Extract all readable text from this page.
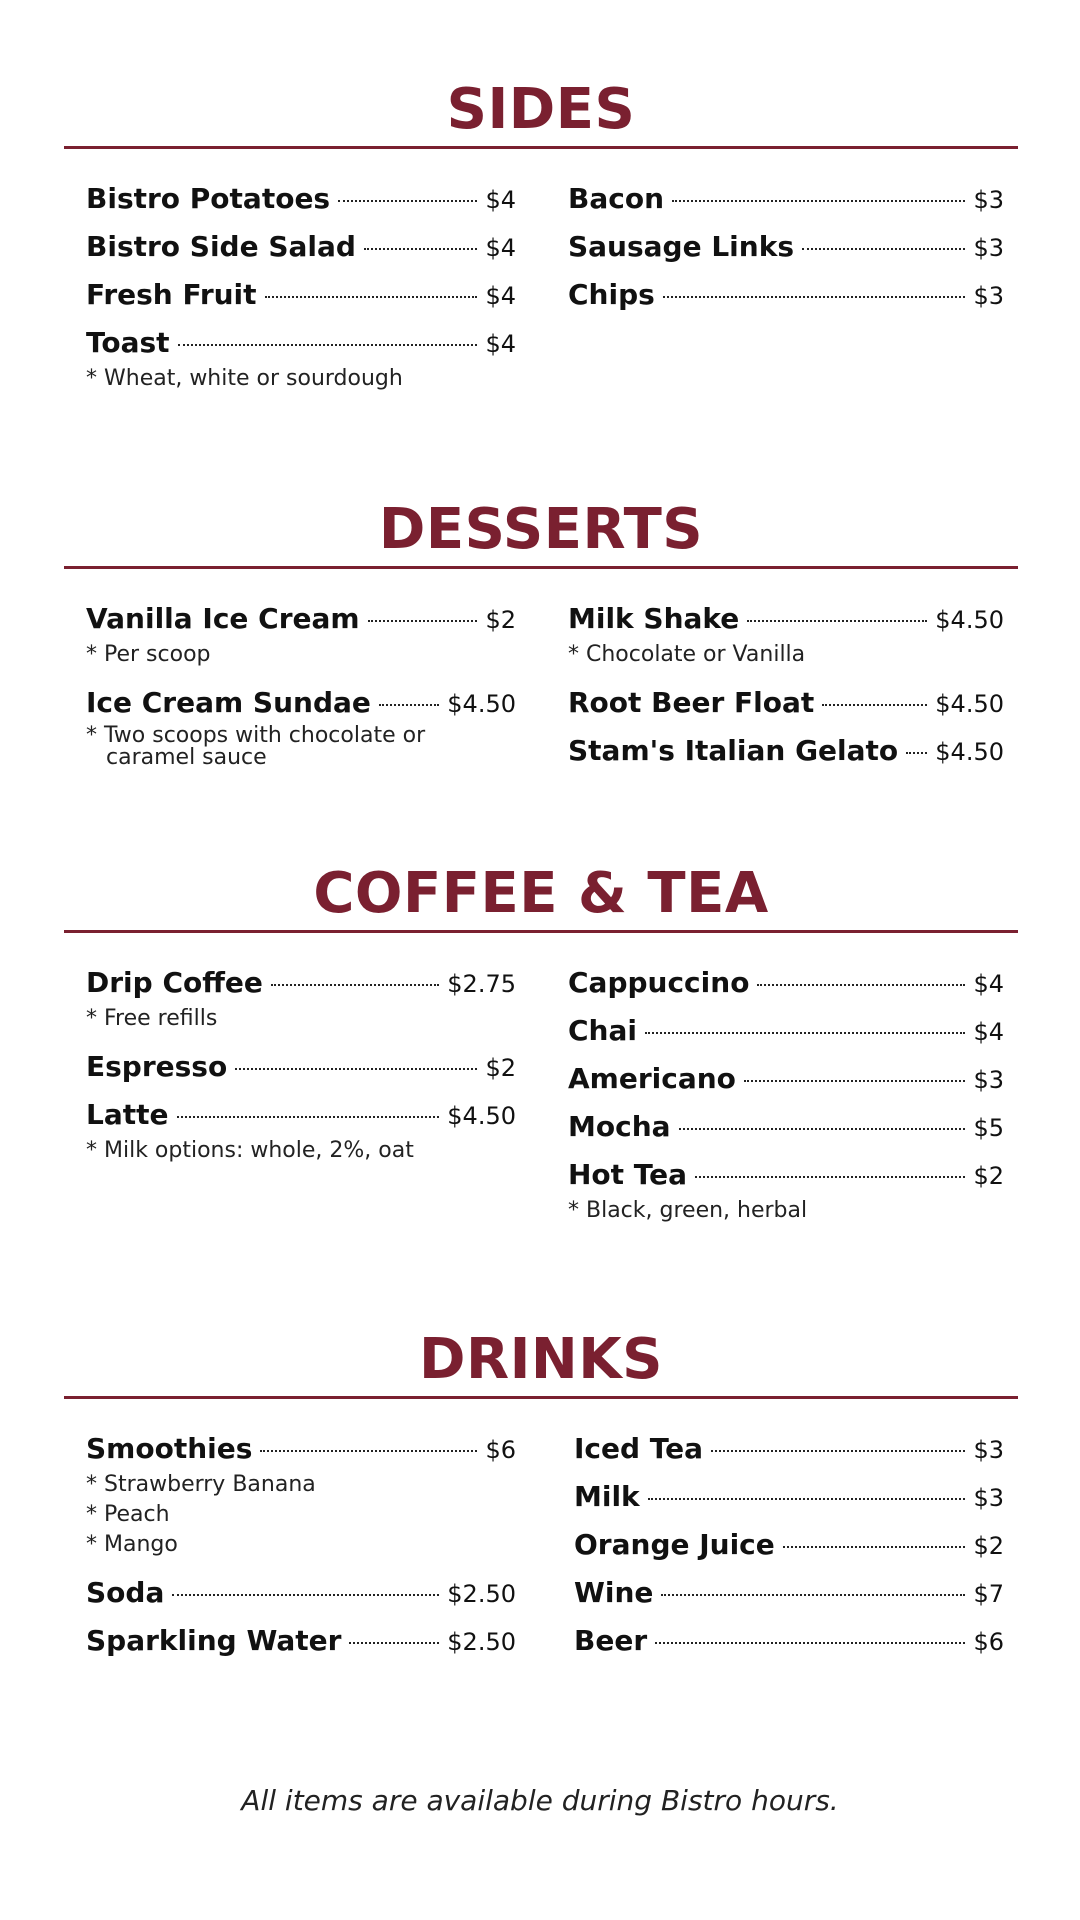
SIDES
Bistro Potatoes	$4
Bistro Side Salad	$4
Fresh Fruit	$4
Toast	$4
* Wheat, white or sourdough
Bacon	$3
Sausage Links	$3
Chips	$3
DESSERTS
Vanilla Ice Cream	$2
* Per scoop
Ice Cream Sundae	$4.50
* Two scoops with chocolate or
caramel sauce
Milk Shake	$4.50
* Chocolate or Vanilla
Root Beer Float	$4.50
Stam's Italian Gelato $4.50
COFFEE & TEA
Drip Coffee	$2.75
* Free refills
Espresso	$2
Latte	$4.50
* Milk options: whole, 2%, oat
Cappuccino	$4
Chai	$4
Americano	$3
Mocha	$5
Hot Tea	$2
* Black, green, herbal
DRINKS
Smoothies	$6
* Strawberry Banana
* Peach
* Mango
Soda	$2.50
Sparkling Water	$2.50
Iced Tea	$3
Milk	$3
Orange Juice	$2
Wine	$7
Beer	$6
All items are available during Bistro hours.
